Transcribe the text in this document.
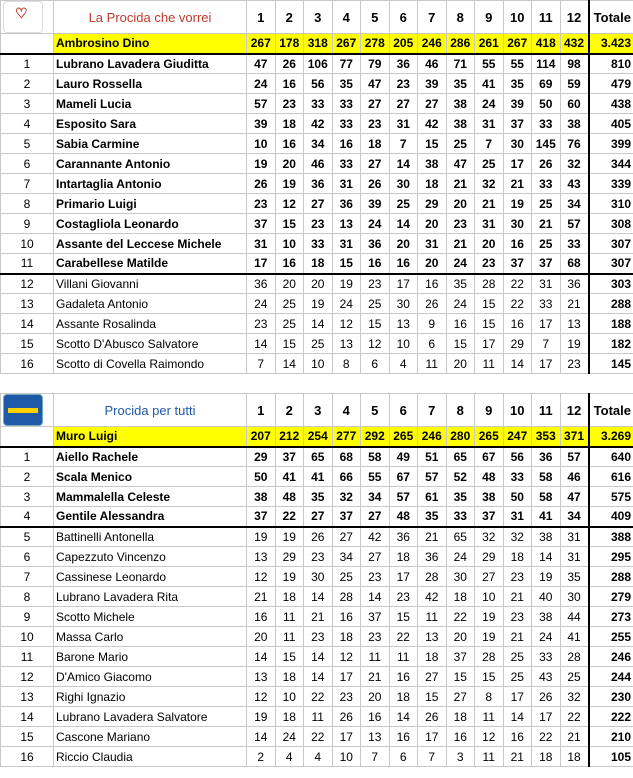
♡	La Procida che vorrei	1	2	3	4	5	6	7	8	9	10	11	12	Totale
	Ambrosino Dino	267	178	318	267	278	205	246	286	261	267	418	432	3.423
1	Lubrano Lavadera Giuditta	47	26	106	77	79	36	46	71	55	55	114	98	810
2	Lauro Rossella	24	16	56	35	47	23	39	35	41	35	69	59	479
3	Mameli Lucia	57	23	33	33	27	27	27	38	24	39	50	60	438
4	Esposito Sara	39	18	42	33	23	31	42	38	31	37	33	38	405
5	Sabia Carmine	10	16	34	16	18	7	15	25	7	30	145	76	399
6	Carannante Antonio	19	20	46	33	27	14	38	47	25	17	26	32	344
7	Intartaglia Antonio	26	19	36	31	26	30	18	21	32	21	33	43	339
8	Primario Luigi	23	12	27	36	39	25	29	20	21	19	25	34	310
9	Costagliola Leonardo	37	15	23	13	24	14	20	23	31	30	21	57	308
10	Assante del Leccese Michele	31	10	33	31	36	20	31	21	20	16	25	33	307
11	Carabellese Matilde	17	16	18	15	16	16	20	24	23	37	37	68	307
12	Villani Giovanni	36	20	20	19	23	17	16	35	28	22	31	36	303
13	Gadaleta Antonio	24	25	19	24	25	30	26	24	15	22	33	21	288
14	Assante Rosalinda	23	25	14	12	15	13	9	16	15	16	17	13	188
15	Scotto D'Abusco Salvatore	14	15	25	13	12	10	6	15	17	29	7	19	182
16	Scotto di Covella Raimondo	7	14	10	8	6	4	11	20	11	14	17	23	145

	Procida per tutti	1	2	3	4	5	6	7	8	9	10	11	12	Totale
	Muro Luigi	207	212	254	277	292	265	246	280	265	247	353	371	3.269
1	Aiello Rachele	29	37	65	68	58	49	51	65	67	56	36	57	640
2	Scala Menico	50	41	41	66	55	67	57	52	48	33	58	46	616
3	Mammalella Celeste	38	48	35	32	34	57	61	35	38	50	58	47	575
4	Gentile Alessandra	37	22	27	37	27	48	35	33	37	31	41	34	409
5	Battinelli Antonella	19	19	26	27	42	36	21	65	32	32	38	31	388
6	Capezzuto Vincenzo	13	29	23	34	27	18	36	24	29	18	14	31	295
7	Cassinese Leonardo	12	19	30	25	23	17	28	30	27	23	19	35	288
8	Lubrano Lavadera Rita	21	18	14	28	14	23	42	18	10	21	40	30	279
9	Scotto Michele	16	11	21	16	37	15	11	22	19	23	38	44	273
10	Massa Carlo	20	11	23	18	23	22	13	20	19	21	24	41	255
11	Barone Mario	14	15	14	12	11	11	18	37	28	25	33	28	246
12	D'Amico Giacomo	13	18	14	17	21	16	27	15	15	25	43	25	244
13	Righi Ignazio	12	10	22	23	20	18	15	27	8	17	26	32	230
14	Lubrano Lavadera Salvatore	19	18	11	26	16	14	26	18	11	14	17	22	222
15	Cascone Mariano	14	24	22	17	13	16	17	16	12	16	22	21	210
16	Riccio Claudia	2	4	4	10	7	6	7	3	11	21	18	18	105
